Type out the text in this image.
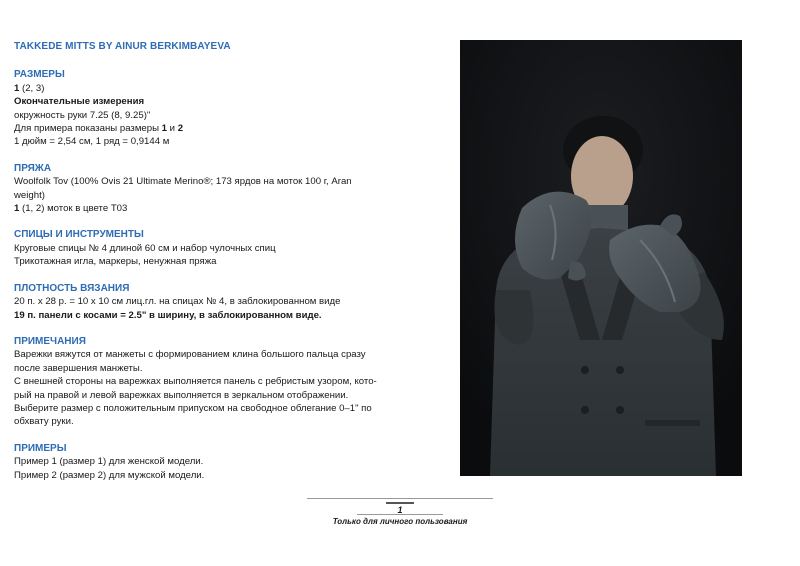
TAKKEDE MITTS BY AINUR BERKIMBAYEVA

РАЗМЕРЫ

1 (2, 3)

Окончательные измерения

окружность руки 7.25 (8, 9.25)"

Для примера показаны размеры 1 и 2

1 дюйм = 2,54 см, 1 ряд = 0,9144 м

ПРЯЖА

Woolfolk Tov (100% Ovis 21 Ultimate Merino®; 173 ярдов на моток 100 г, Aran

weight)

1 (1, 2) моток в цвете T03

СПИЦЫ И ИНСТРУМЕНТЫ

Круговые спицы № 4 длиной 60 см и набор чулочных спиц

Трикотажная игла, маркеры, ненужная пряжа

ПЛОТНОСТЬ ВЯЗАНИЯ

20 п. х 28 р. = 10 х 10 см лиц.гл. на спицах № 4, в заблокированном виде

19 п. панели с косами = 2.5" в ширину, в заблокированном виде.

ПРИМЕЧАНИЯ

Варежки вяжутся от манжеты с формированием клина большого пальца сразу

после завершения манжеты.

С внешней стороны на варежках выполняется панель с ребристым узором, кото-

рый на правой и левой варежках выполняется в зеркальном отображении.

Выберите размер с положительным припуском на свободное облегание 0–1" по

обхвату руки.

ПРИМЕРЫ

Пример 1 (размер 1) для женской модели.

Пример 2 (размер 2) для мужской модели.

1
Только для личного пользования
